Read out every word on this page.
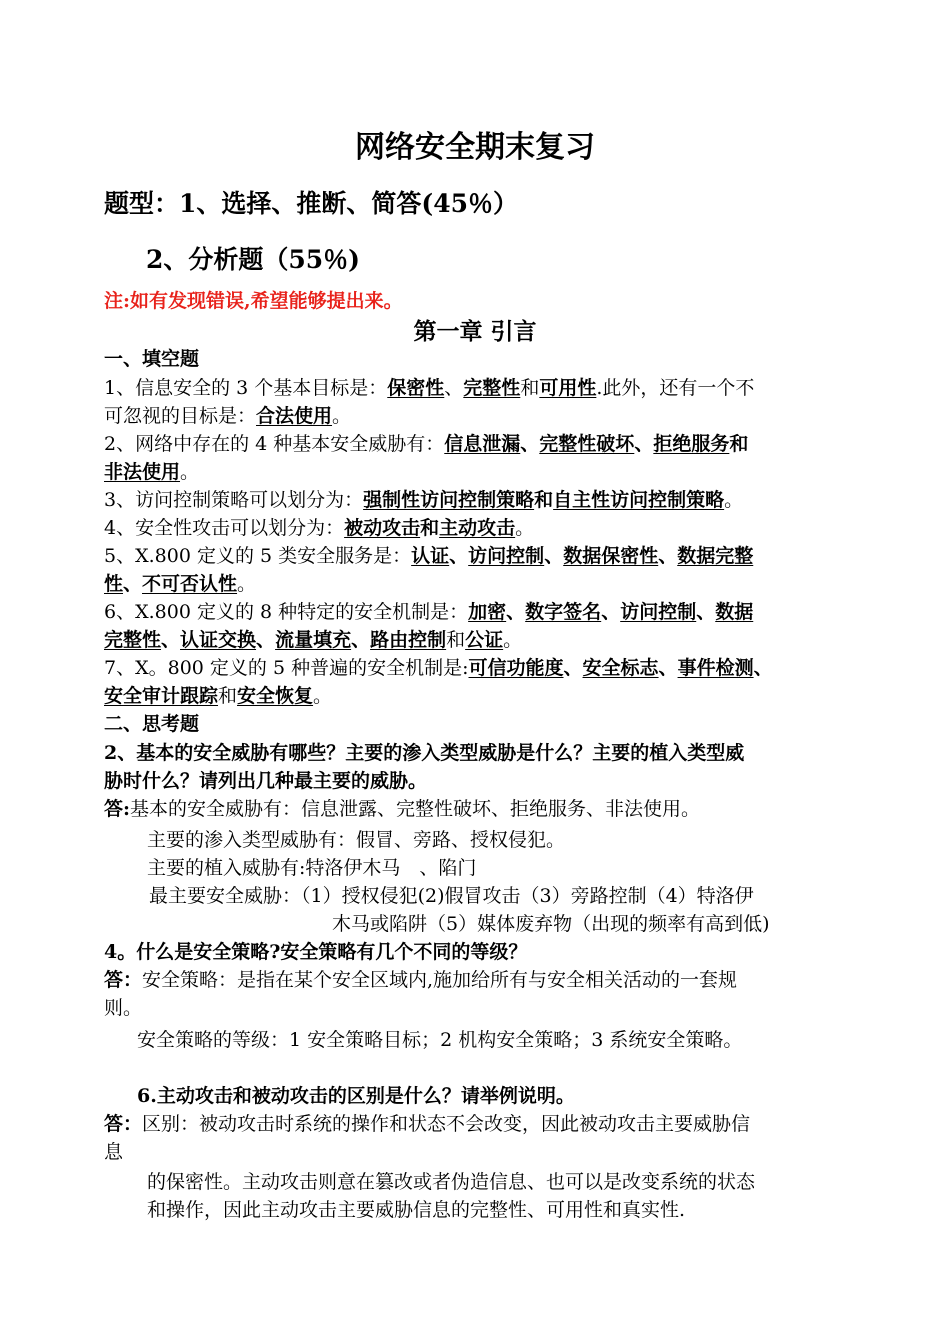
网络安全期末复习
题型：1、选择、推断、简答(45％）
2、分析题（55％)
注:如有发现错误,希望能够提出来。
第一章 引言
一、填空题
1、信息安全的 3 个基本目标是：保密性、完整性和可用性.此外，还有一个不
可忽视的目标是：合法使用。
2、网络中存在的 4 种基本安全威胁有：信息泄漏、完整性破坏、拒绝服务和
非法使用。
3、访问控制策略可以划分为：强制性访问控制策略和自主性访问控制策略。
4、安全性攻击可以划分为：被动攻击和主动攻击。
5、X.800 定义的 5 类安全服务是：认证、访问控制、数据保密性、数据完整
性、不可否认性。
6、X.800 定义的 8 种特定的安全机制是：加密、数字签名、访问控制、数据
完整性、认证交换、流量填充、路由控制和公证。
7、X。800 定义的 5 种普遍的安全机制是:可信功能度、安全标志、事件检测、
安全审计跟踪和安全恢复。
二、思考题
2、基本的安全威胁有哪些？主要的渗入类型威胁是什么？主要的植入类型威
胁时什么？请列出几种最主要的威胁。
答:基本的安全威胁有：信息泄露、完整性破坏、拒绝服务、非法使用。
主要的渗入类型威胁有：假冒、旁路、授权侵犯。
主要的植入威胁有:特洛伊木马　、陷门
最主要安全威胁：（1）授权侵犯(2)假冒攻击（3）旁路控制（4）特洛伊
木马或陷阱（5）媒体废弃物（出现的频率有高到低)
4。什么是安全策略?安全策略有几个不同的等级？
答：安全策略：是指在某个安全区域内,施加给所有与安全相关活动的一套规
则。
安全策略的等级：1 安全策略目标；2 机构安全策略；3 系统安全策略。
6.主动攻击和被动攻击的区别是什么？请举例说明。
答：区别：被动攻击时系统的操作和状态不会改变，因此被动攻击主要威胁信
息
的保密性。主动攻击则意在篡改或者伪造信息、也可以是改变系统的状态
和操作，因此主动攻击主要威胁信息的完整性、可用性和真实性.
